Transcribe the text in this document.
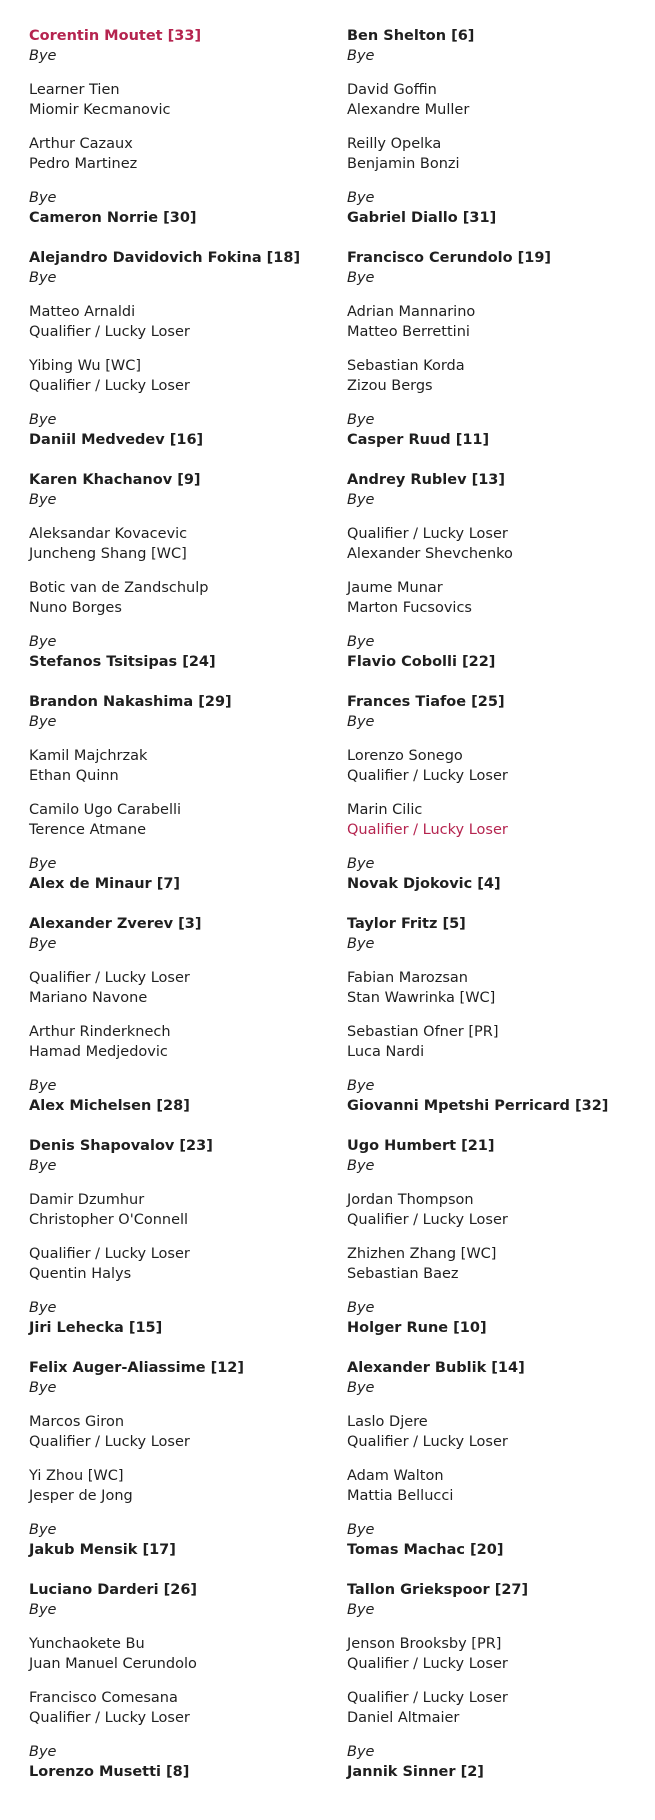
Corentin Moutet [33]
Bye
Learner Tien
Miomir Kecmanovic
Arthur Cazaux
Pedro Martinez
Bye
Cameron Norrie [30]
Alejandro Davidovich Fokina [18]
Bye
Matteo Arnaldi
Qualifier / Lucky Loser
Yibing Wu [WC]
Qualifier / Lucky Loser
Bye
Daniil Medvedev [16]
Karen Khachanov [9]
Bye
Aleksandar Kovacevic
Juncheng Shang [WC]
Botic van de Zandschulp
Nuno Borges
Bye
Stefanos Tsitsipas [24]
Brandon Nakashima [29]
Bye
Kamil Majchrzak
Ethan Quinn
Camilo Ugo Carabelli
Terence Atmane
Bye
Alex de Minaur [7]
Alexander Zverev [3]
Bye
Qualifier / Lucky Loser
Mariano Navone
Arthur Rinderknech
Hamad Medjedovic
Bye
Alex Michelsen [28]
Denis Shapovalov [23]
Bye
Damir Dzumhur
Christopher O'Connell
Qualifier / Lucky Loser
Quentin Halys
Bye
Jiri Lehecka [15]
Felix Auger-Aliassime [12]
Bye
Marcos Giron
Qualifier / Lucky Loser
Yi Zhou [WC]
Jesper de Jong
Bye
Jakub Mensik [17]
Luciano Darderi [26]
Bye
Yunchaokete Bu
Juan Manuel Cerundolo
Francisco Comesana
Qualifier / Lucky Loser
Bye
Lorenzo Musetti [8]
Ben Shelton [6]
Bye
David Goffin
Alexandre Muller
Reilly Opelka
Benjamin Bonzi
Bye
Gabriel Diallo [31]
Francisco Cerundolo [19]
Bye
Adrian Mannarino
Matteo Berrettini
Sebastian Korda
Zizou Bergs
Bye
Casper Ruud [11]
Andrey Rublev [13]
Bye
Qualifier / Lucky Loser
Alexander Shevchenko
Jaume Munar
Marton Fucsovics
Bye
Flavio Cobolli [22]
Frances Tiafoe [25]
Bye
Lorenzo Sonego
Qualifier / Lucky Loser
Marin Cilic
Qualifier / Lucky Loser
Bye
Novak Djokovic [4]
Taylor Fritz [5]
Bye
Fabian Marozsan
Stan Wawrinka [WC]
Sebastian Ofner [PR]
Luca Nardi
Bye
Giovanni Mpetshi Perricard [32]
Ugo Humbert [21]
Bye
Jordan Thompson
Qualifier / Lucky Loser
Zhizhen Zhang [WC]
Sebastian Baez
Bye
Holger Rune [10]
Alexander Bublik [14]
Bye
Laslo Djere
Qualifier / Lucky Loser
Adam Walton
Mattia Bellucci
Bye
Tomas Machac [20]
Tallon Griekspoor [27]
Bye
Jenson Brooksby [PR]
Qualifier / Lucky Loser
Qualifier / Lucky Loser
Daniel Altmaier
Bye
Jannik Sinner [2]
